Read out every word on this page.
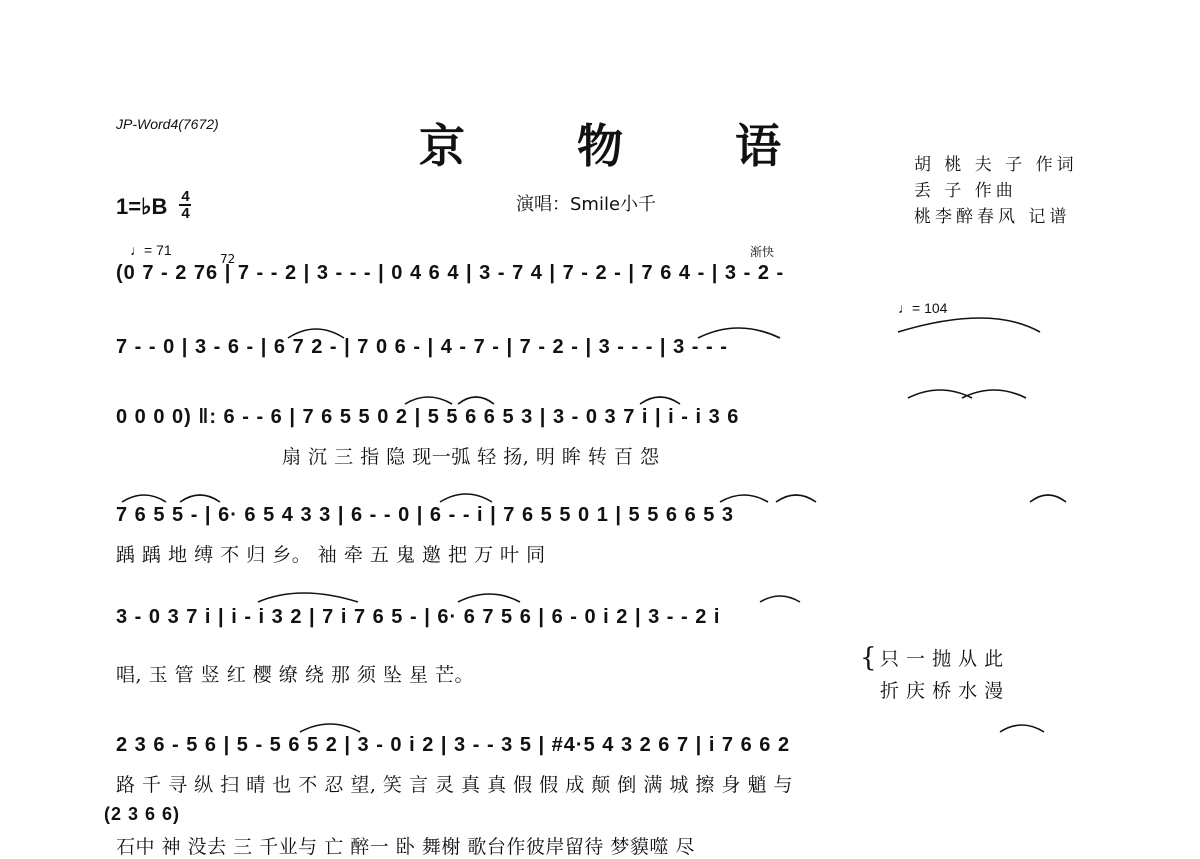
JP-Word4(7672)	京 物 语
演唱：Smile小千
胡 桃 夫 子 作词
丢 子 作曲
桃李醉春风 记谱
1=♭B $\frac{4}{4}$
♩= 71
72	渐快
♩= 104
(0 7 - 2 76 | 7 - - 2 | 3 - - - | 0 4 6 4 | 3 - 7 4 | 7 - 2 - | 7 6 4 - | 3 - 2 -
7 - - 0 | 3 - 6 - | 6 7 2 - | 7 0 6 - | 4 - 7 - | 7 - 2 - | 3 - - - | 3 - - -
0 0 0 0) ‖: 6 - - 6 | 7 6 5 5 0 2 | 5 5 6 6 5 3 | 3 - 0 3 7 i | i - i 3 6
扇 沉 三 指 隐 现一弧 轻 扬, 明 眸 转 百 怨
7 6 5 5 - | 6· 6 5 4 3 3 | 6 - - 0 | 6 - - i | 7 6 5 5 0 1 | 5 5 6 6 5 3
踽 踽 地 缚 不 归 乡。 袖 牵 五 鬼 邀 把 万 叶 同
3 - 0 3 7 i | i - i 3 2 | 7 i 7 6 5 - | 6· 6 7 5 6 | 6 - 0 i 2 | 3 - - 2 i
唱, 玉 管 竖 红 樱 缭 绕 那 须 坠 星 芒。
{ 只 一 抛 从 此
折 庆 桥 水 漫
2 3 6 - 5 6 | 5 - 5 6 5 2 | 3 - 0 i 2 | 3 - - 3 5 | #4·5 4 3 2 6 7 | i 7 6 6 2
路 千 寻 纵 扫 晴 也 不 忍 望, 笑 言 灵 真 真 假 假 成 颠 倒 满 城 擦 身 魈 与
(2 3 6 6)
石中 神 没去 三 千业与 亡 醉一 卧 舞榭 歌台作彼岸留待 梦貘噬 尽
